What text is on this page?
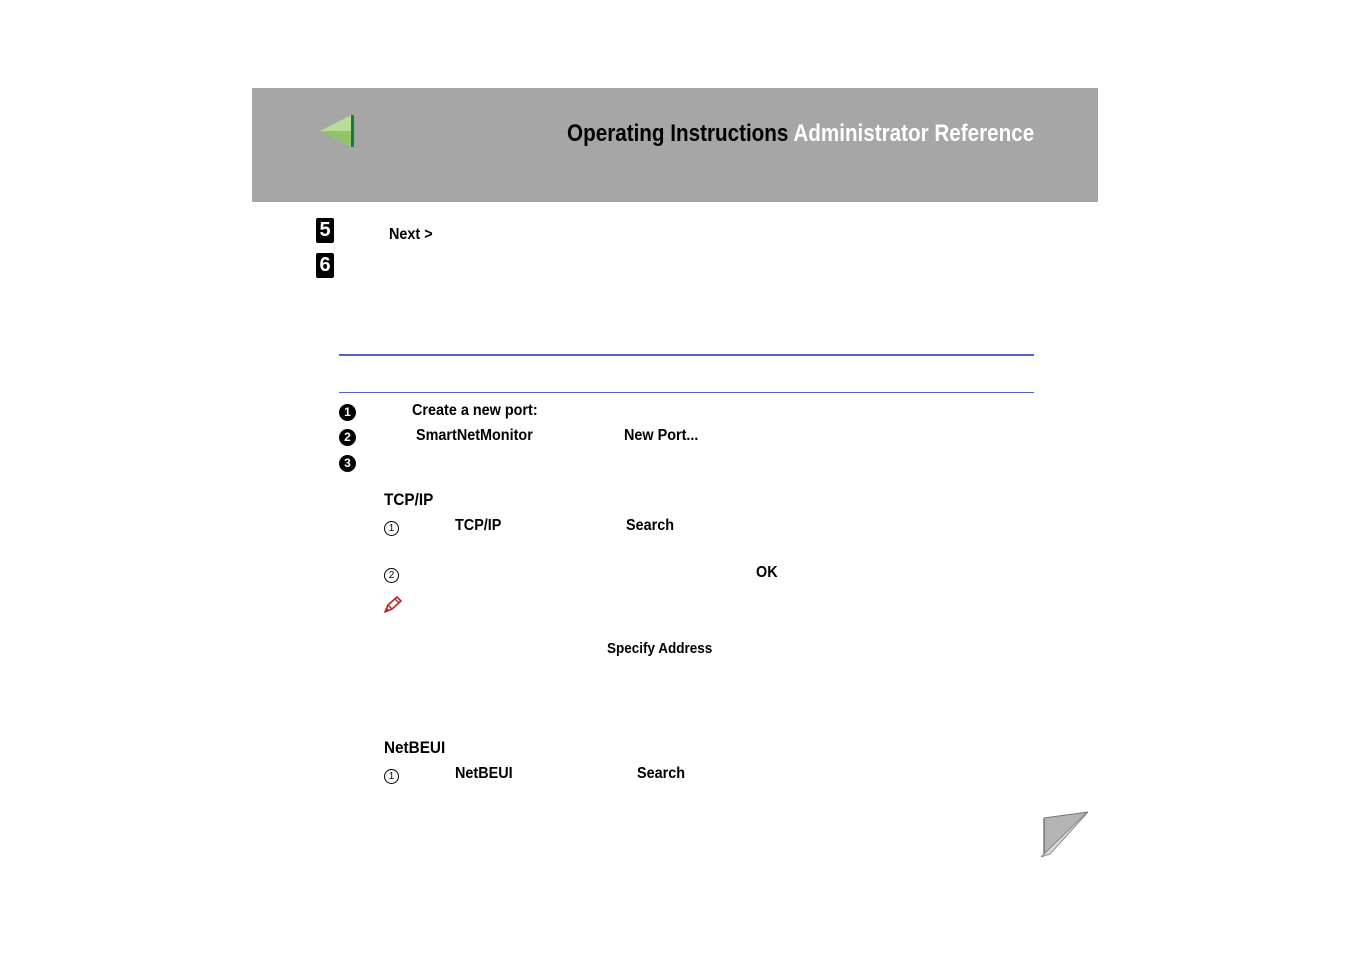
Operating Instructions Administrator Reference
5	Next >
6
1	Create a new port:
2	SmartNetMonitor	New Port...
3
TCP/IP
1	TCP/IP	Search
2	OK
Specify Address
NetBEUI
1	NetBEUI	Search
